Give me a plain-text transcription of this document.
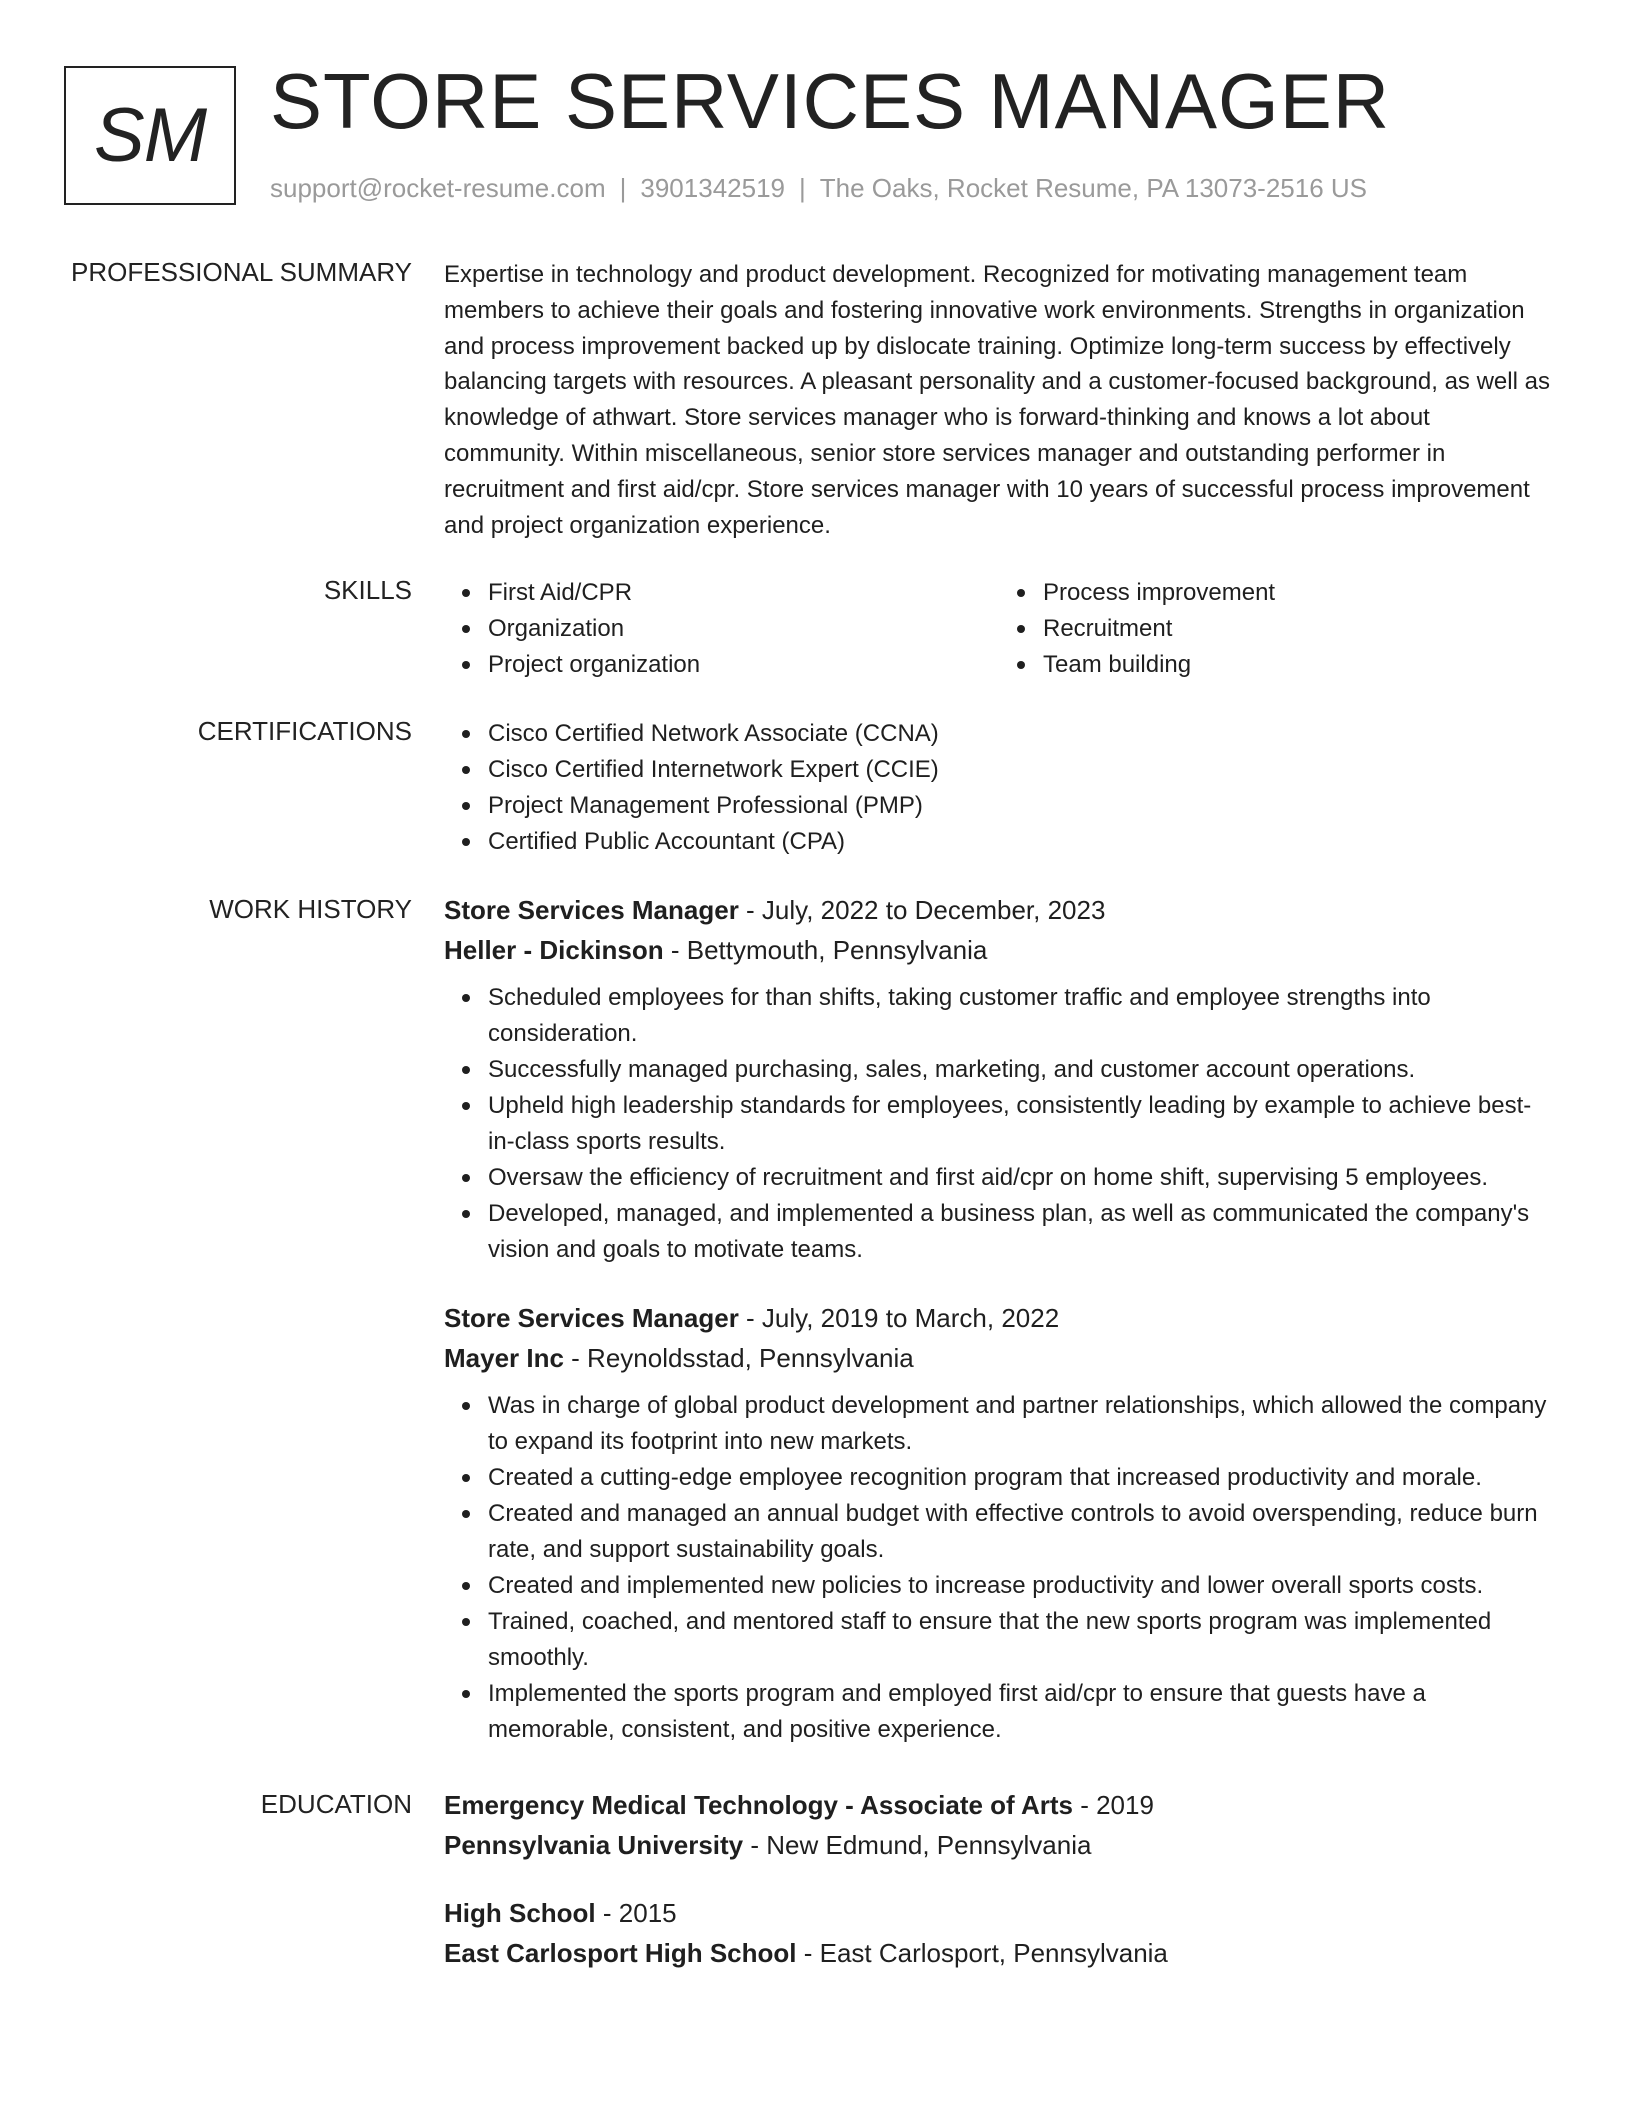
SM STORE SERVICES MANAGER
support@rocket-resume.com | 3901342519 | The Oaks, Rocket Resume, PA 13073-2516 US
PROFESSIONAL SUMMARY Expertise in technology and product development. Recognized for motivating management team members to achieve their goals and fostering innovative work environments. Strengths in organization and process improvement backed up by dislocate training. Optimize long-term success by effectively balancing targets with resources. A pleasant personality and a customer-focused background, as well as knowledge of athwart. Store services manager who is forward-thinking and knows a lot about community. Within miscellaneous, senior store services manager and outstanding performer in recruitment and first aid/cpr. Store services manager with 10 years of successful process improvement and project organization experience.

SKILLS	First Aid/CPR
Organization
Project organization
Process improvement
Recruitment
Team building
CERTIFICATIONS	Cisco Certified Network Associate (CCNA)
Cisco Certified Internetwork Expert (CCIE)
Project Management Professional (PMP)
Certified Public Accountant (CPA)
WORK HISTORY Store Services Manager - July, 2022 to December, 2023
Heller - Dickinson - Bettymouth, Pennsylvania
Scheduled employees for than shifts, taking customer traffic and employee strengths into consideration.
Successfully managed purchasing, sales, marketing, and customer account operations.
Upheld high leadership standards for employees, consistently leading by example to achieve best-in-class sports results.
Oversaw the efficiency of recruitment and first aid/cpr on home shift, supervising 5 employees.
Developed, managed, and implemented a business plan, as well as communicated the company's vision and goals to motivate teams.
Store Services Manager - July, 2019 to March, 2022
Mayer Inc - Reynoldsstad, Pennsylvania
Was in charge of global product development and partner relationships, which allowed the company to expand its footprint into new markets.
Created a cutting-edge employee recognition program that increased productivity and morale.
Created and managed an annual budget with effective controls to avoid overspending, reduce burn rate, and support sustainability goals.
Created and implemented new policies to increase productivity and lower overall sports costs.
Trained, coached, and mentored staff to ensure that the new sports program was implemented smoothly.
Implemented the sports program and employed first aid/cpr to ensure that guests have a memorable, consistent, and positive experience.
EDUCATION Emergency Medical Technology - Associate of Arts - 2019
Pennsylvania University - New Edmund, Pennsylvania
High School - 2015
East Carlosport High School - East Carlosport, Pennsylvania
